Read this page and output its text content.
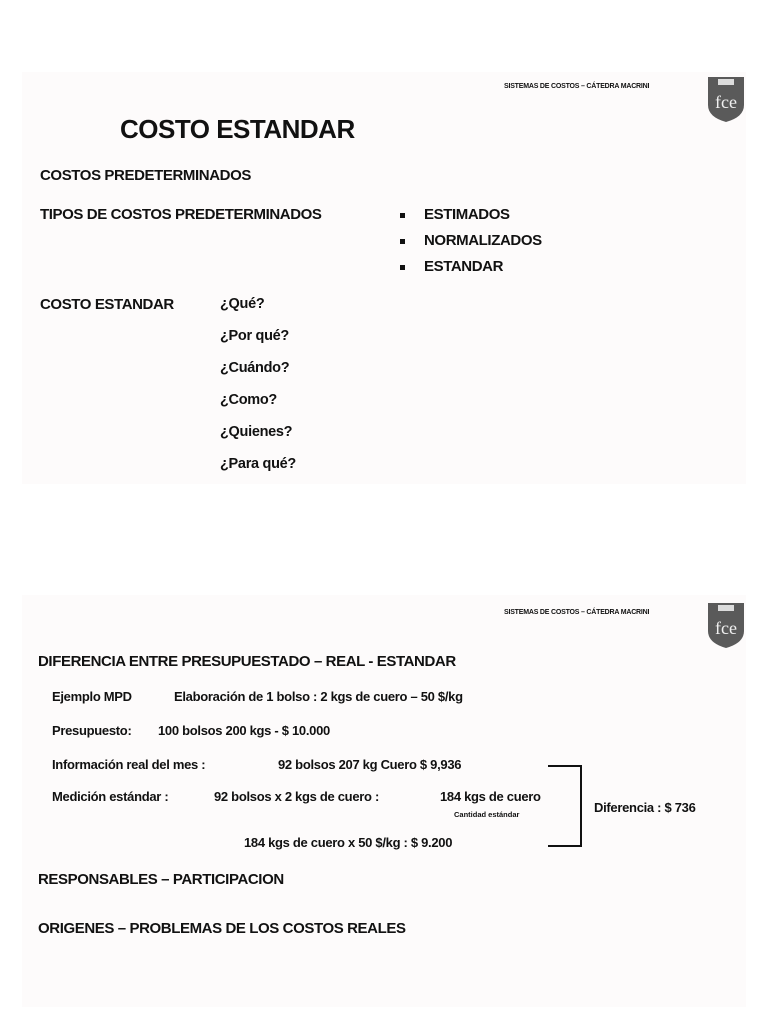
SISTEMAS DE COSTOS – CÁTEDRA MACRINI
fce
COSTO ESTANDAR
COSTOS PREDETERMINADOS
TIPOS DE COSTOS PREDETERMINADOS	ESTIMADOS
NORMALIZADOS
ESTANDAR
COSTO ESTANDAR	¿Qué?
¿Por qué?
¿Cuándo?
¿Como?
¿Quienes?
¿Para qué?
SISTEMAS DE COSTOS – CÁTEDRA MACRINI
fce
DIFERENCIA ENTRE PRESUPUESTADO – REAL - ESTANDAR
Ejemplo MPD	Elaboración de 1 bolso : 2 kgs de cuero – 50 $/kg
Presupuesto: 100 bolsos 200 kgs - $ 10.000
Información real del mes :	92 bolsos 207 kg Cuero $ 9,936
Medición estándar :	92 bolsos x 2 kgs de cuero :	184 kgs de cuero
Cantidad estándar
184 kgs de cuero x 50 $/kg : $ 9.200
Diferencia : $ 736
RESPONSABLES – PARTICIPACION
ORIGENES – PROBLEMAS DE LOS COSTOS REALES
